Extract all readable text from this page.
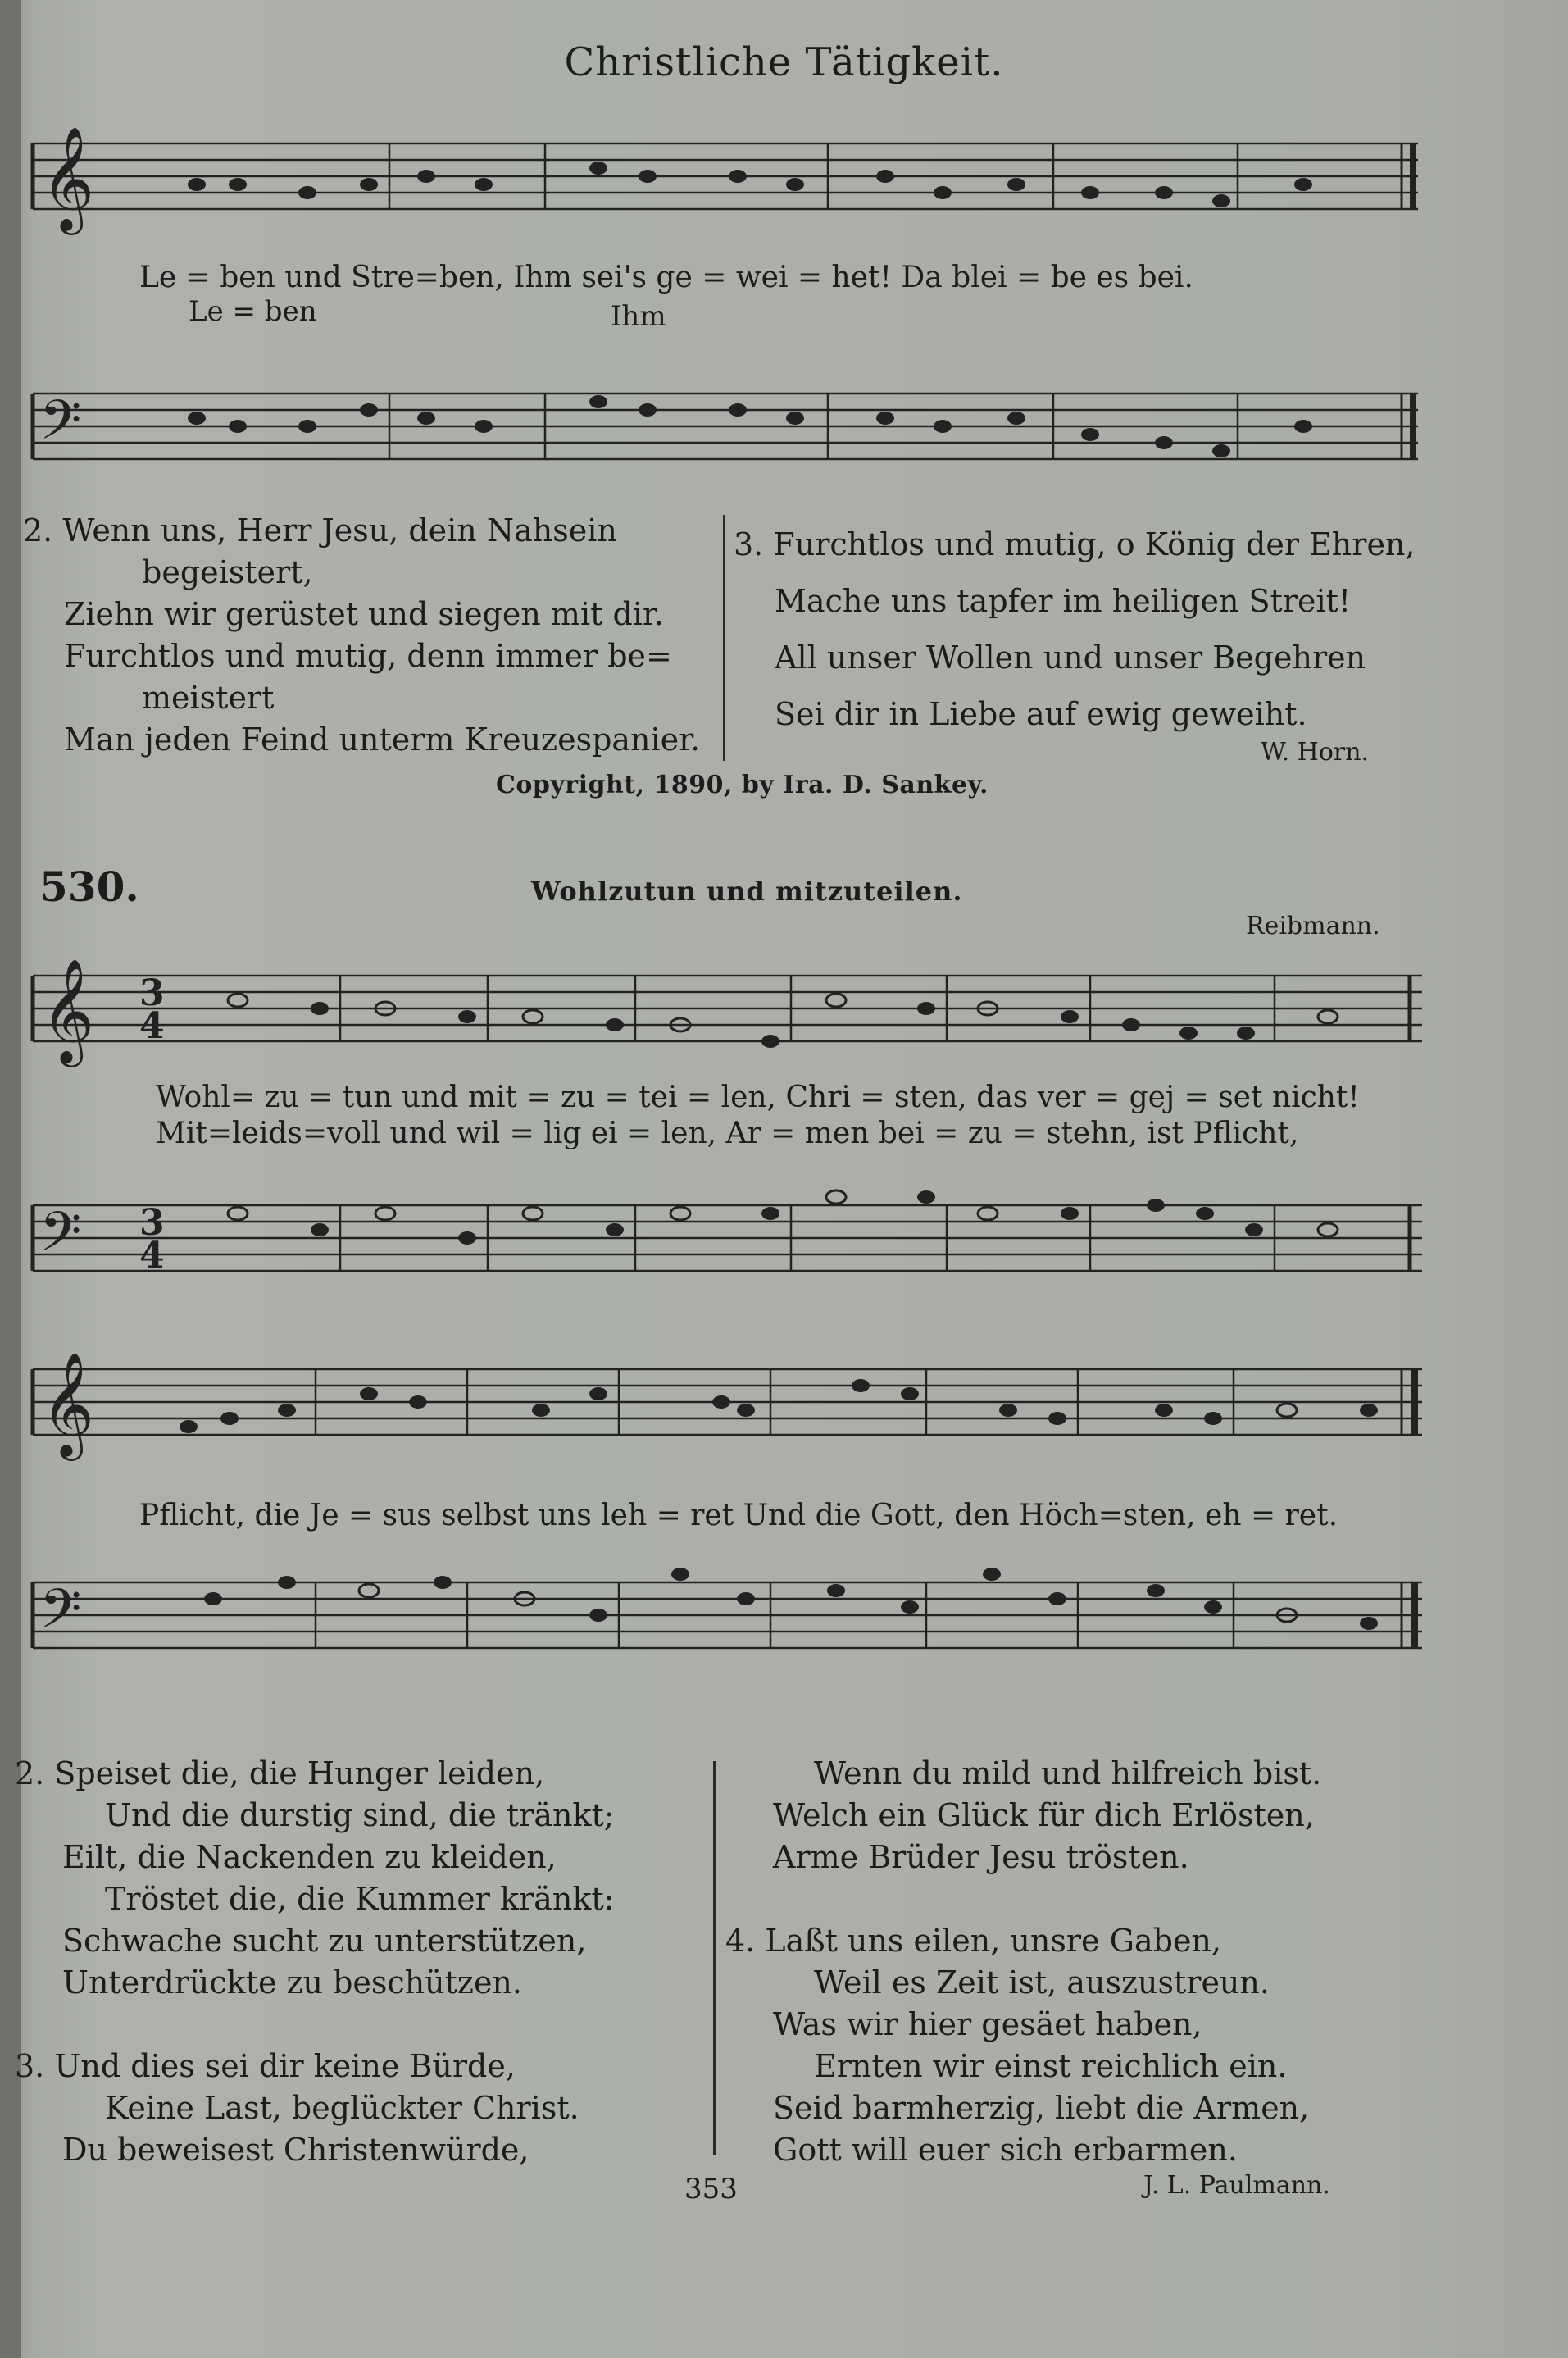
Christliche Tätigkeit.
𝄞
Le = ben und Stre=ben, Ihm sei's ge = wei = het! Da blei = be es bei.
Le = ben	Ihm
𝄢

2. Wenn uns, Herr Jesu, dein Nahsein

begeistert,

Ziehn wir gerüstet und siegen mit dir.

Furchtlos und mutig, denn immer be=

meistert

Man jeden Feind unterm Kreuzespanier.

3. Furchtlos und mutig, o König der Ehren,

Mache uns tapfer im heiligen Streit!

All unser Wollen und unser Begehren

Sei dir in Liebe auf ewig geweiht.

W. Horn.
Copyright, 1890, by Ira. D. Sankey.
530.	Wohlzutun und mitzuteilen.
Reibmann.
𝄞 3
4
Wohl= zu = tun und mit = zu = tei = len, Chri = sten, das ver = gej = set nicht!
Mit=leids=voll und wil = lig ei = len, Ar = men bei = zu = stehn, ist Pflicht,
𝄢 3
4
𝄞
Pflicht, die Je = sus selbst uns leh = ret Und die Gott, den Höch=sten, eh = ret.
𝄢

2. Speiset die, die Hunger leiden,

Und die durstig sind, die tränkt;

Eilt, die Nackenden zu kleiden,

Tröstet die, die Kummer kränkt:

Schwache sucht zu unterstützen,

Unterdrückte zu beschützen.

3. Und dies sei dir keine Bürde,

Keine Last, beglückter Christ.

Du beweisest Christenwürde,

Wenn du mild und hilfreich bist.

Welch ein Glück für dich Erlösten,

Arme Brüder Jesu trösten.

4. Laßt uns eilen, unsre Gaben,

Weil es Zeit ist, auszustreun.

Was wir hier gesäet haben,

Ernten wir einst reichlich ein.

Seid barmherzig, liebt die Armen,

Gott will euer sich erbarmen.

J. L. Paulmann.
353
